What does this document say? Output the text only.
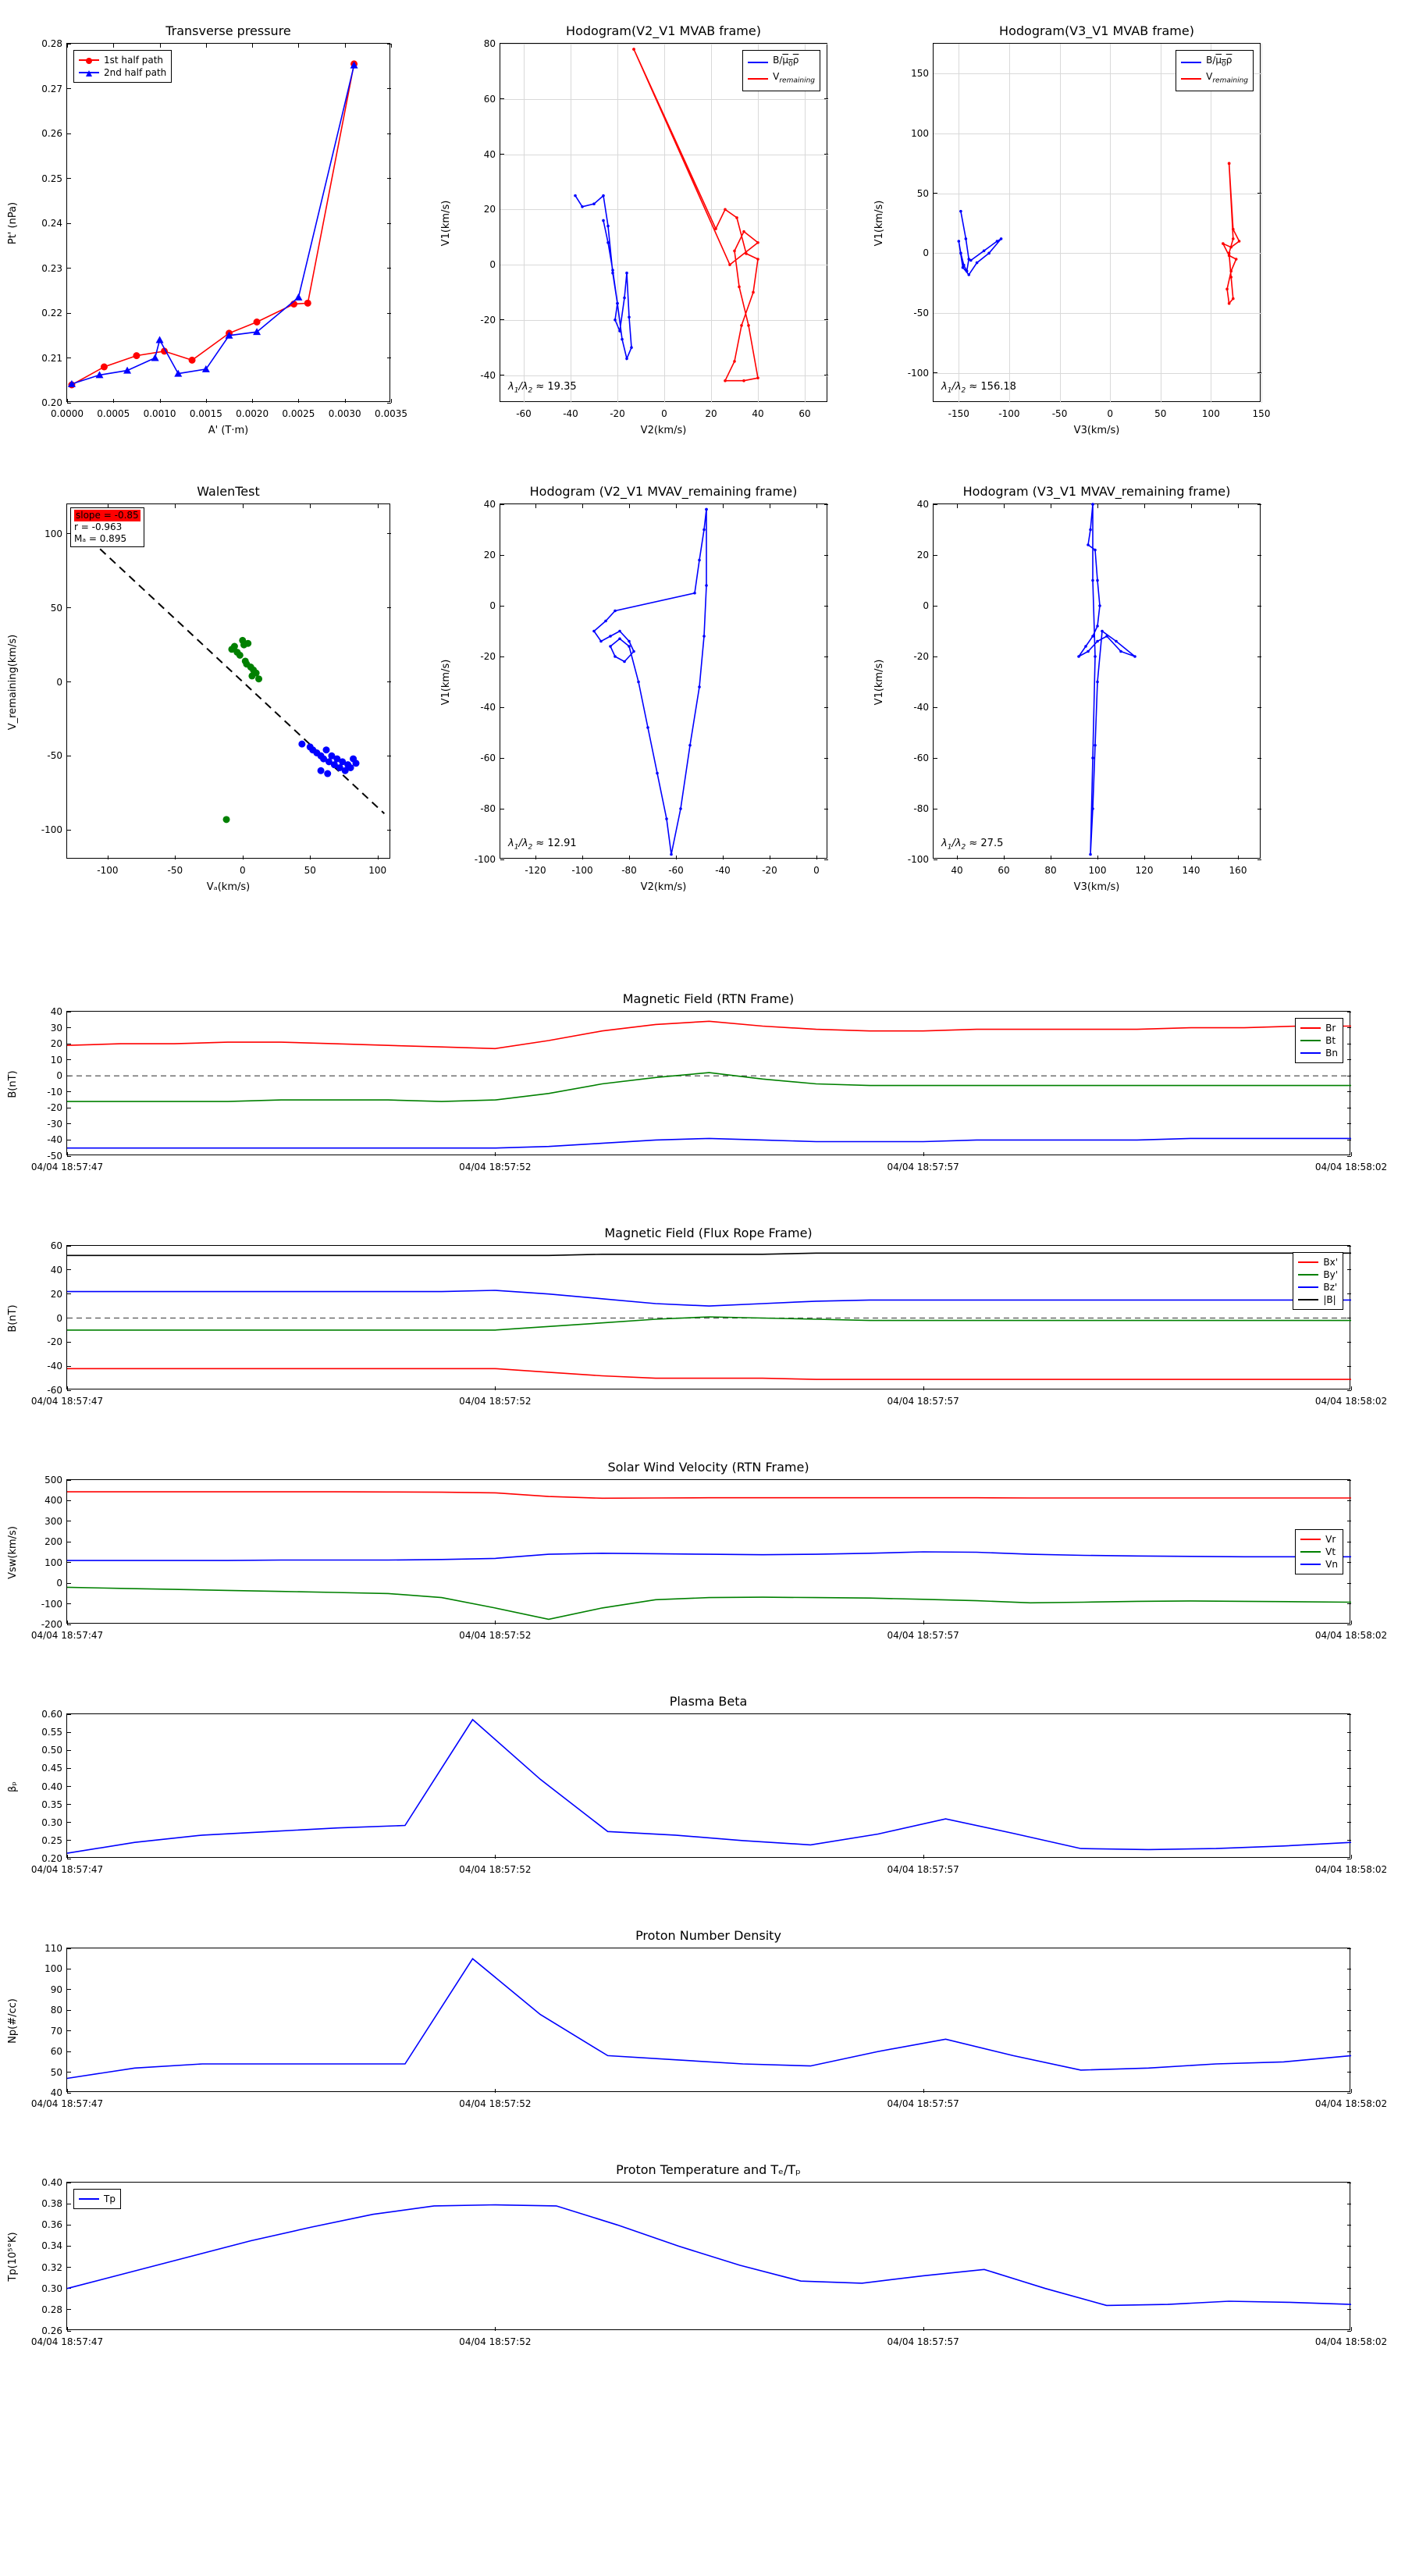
Transverse pressure
0.20
0.21
0.22
0.23
0.24
0.25
0.26
0.27
0.28
0.0000 0.0005 0.0010 0.0015 0.0020 0.0025 0.0030 0.0035
A' (T·m)
Pt' (nPa)
1st half path
2nd half path
Hodogram(V2_V1 MVAB frame)
-40
-20
0
20
40
60
80
-60	-40	-20	0	20	40	60
V2(km/s)
V1(km/s)
$B/\mu_0\rho$
$V_{remaining}$
$\lambda_1/\lambda_2 \approx 19.35$
Hodogram(V3_V1 MVAB frame)
-100
-50
0
50
100
150
-150	-100	-50	0	50	100	150
V3(km/s)
V1(km/s)
$B/\mu_0\rho$
$V_{remaining}$
$\lambda_1/\lambda_2 \approx 156.18$
WalenTest
-100
-50
0
50
100
-100	-50	0	50	100
Vₐ(km/s)
V_remaining(km/s)
slope = -0.85
r = -0.963
Mₐ = 0.895
Hodogram (V2_V1 MVAV_remaining frame)
-100
-80
-60
-40
-20
0
20
40
-120	-100	-80	-60	-40	-20	0
V2(km/s)
V1(km/s)
$\lambda_1/\lambda_2 \approx 12.91$
Hodogram (V3_V1 MVAV_remaining frame)
-100
-80
-60
-40
-20
0
20
40
40	60	80	100	120	140	160
V3(km/s)
V1(km/s)
$\lambda_1/\lambda_2 \approx 27.5$
Magnetic Field (RTN Frame)
-50
-40
-30
-20
-10
0
10
20
30
40
04/04 18:57:47	04/04 18:57:52	04/04 18:57:57	04/04 18:58:02
B(nT)
Br
Bt
Bn
Magnetic Field (Flux Rope Frame)
-60
-40
-20
0
20
40
60
04/04 18:57:47	04/04 18:57:52	04/04 18:57:57	04/04 18:58:02
B(nT)
Bx'
By'
Bz'
|B|
Solar Wind Velocity (RTN Frame)
-200
-100
0
100
200
300
400
500
04/04 18:57:47	04/04 18:57:52	04/04 18:57:57	04/04 18:58:02
Vsw(km/s)	Vr
Vt
Vn
Plasma Beta
0.20
0.25
0.30
0.35
0.40
0.45
0.50
0.55
0.60
04/04 18:57:47	04/04 18:57:52	04/04 18:57:57	04/04 18:58:02
βₚ
Proton Number Density
40
50
60
70
80
90
100
110
04/04 18:57:47	04/04 18:57:52	04/04 18:57:57	04/04 18:58:02
Np(#/cc)
Proton Temperature and Tₑ/Tₚ
0.26
0.28
0.30
0.32
0.34
0.36
0.38
0.40
04/04 18:57:47	04/04 18:57:52	04/04 18:57:57	04/04 18:58:02
Tp(10⁵°K)
Tp
